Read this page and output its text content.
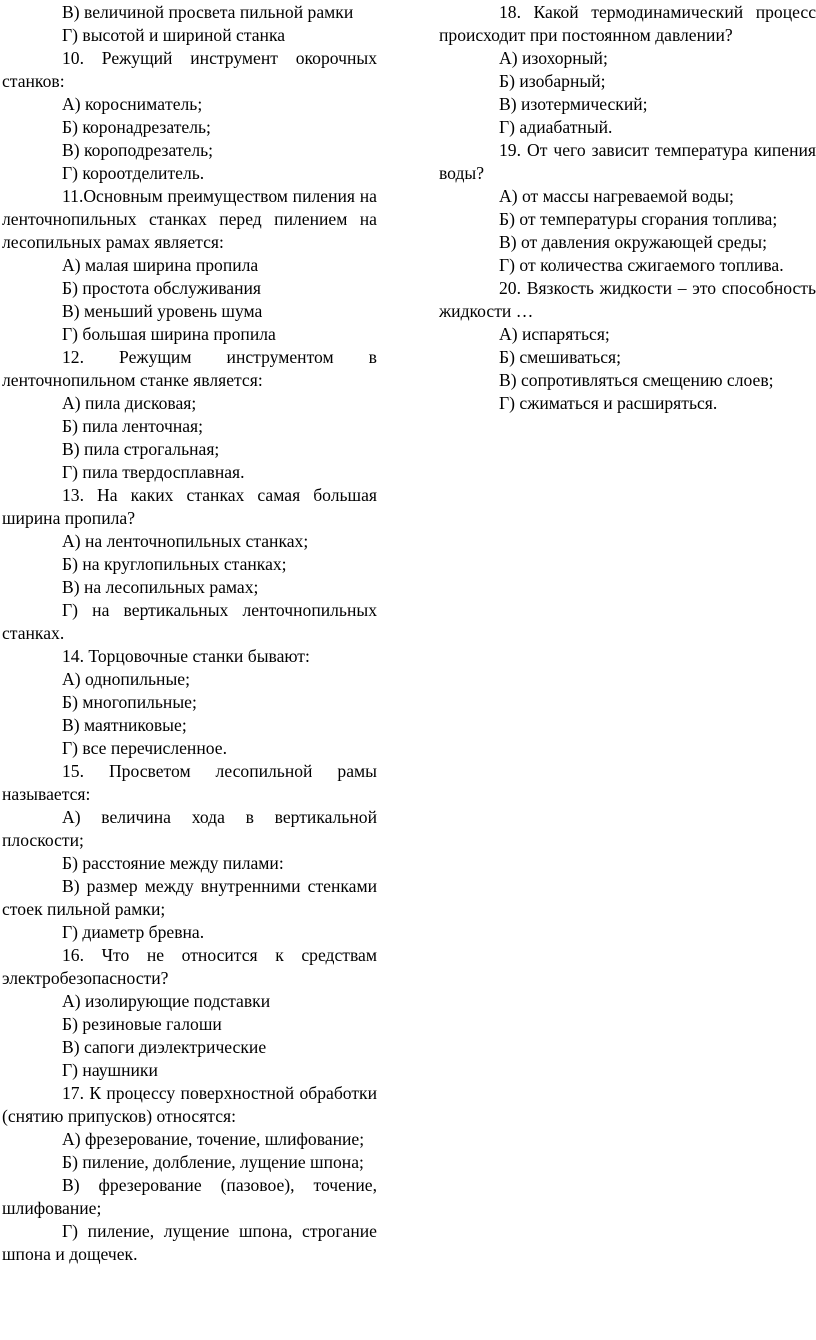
В) величиной просвета пильной рамки

Г) высотой и шириной станка

10. Режущий инструмент окорочных станков:

А) короснимaтель;

Б) коронадрезатель;

В) короподрезатель;

Г) короотделитель.

11.Основным преимуществом пиления на ленточнопильных станках перед пилением на лесопильных рамах является:

А) малая ширина пропила

Б) простота обслуживания

В) меньший уровень шума

Г) большая ширина пропила

12. Режущим инструментом в ленточнопильном станке является:

А) пила дисковая;

Б) пила ленточная;

В) пила строгальная;

Г) пила твердосплавная.

13. На каких станках самая большая ширина пропила?

А) на ленточнопильных станках;

Б) на круглопильных станках;

В) на лесопильных рамах;

Г) на вертикальных ленточнопильных станках.

14. Торцовочные станки бывают:

А) однопильные;

Б) многопильные;

В) маятниковые;

Г) все перечисленное.

15. Просветом лесопильной рамы называется:

А) величина хода в вертикальной плоскости;

Б) расстояние между пилами:

В) размер между внутренними стенками стоек пильной рамки;

Г) диаметр бревна.

16. Что не относится к средствам электробезопасности?

А) изолирующие подставки

Б) резиновые галоши

В) сапоги диэлектрические

Г) наушники

17. К процессу поверхностной обработки (снятию припусков) относятся:

А) фрезерование, точение, шлифование;

Б) пиление, долбление, лущение шпона;

В) фрезерование (пазовое), точение, шлифование;

Г) пиление, лущение шпона, строгание шпона и дощечек.

18. Какой термодинамический процесс происходит при постоянном давлении?

А) изохорный;

Б) изобарный;

В) изотермический;

Г) адиабатный.

19. От чего зависит температура кипения воды?

А) от массы нагреваемой воды;

Б) от температуры сгорания топлива;

В) от давления окружающей среды;

Г) от количества сжигаемого топлива.

20. Вязкость жидкости – это способность жидкости …

А) испаряться;

Б) смешиваться;

В) сопротивляться смещению слоев;

Г) сжиматься и расширяться.
